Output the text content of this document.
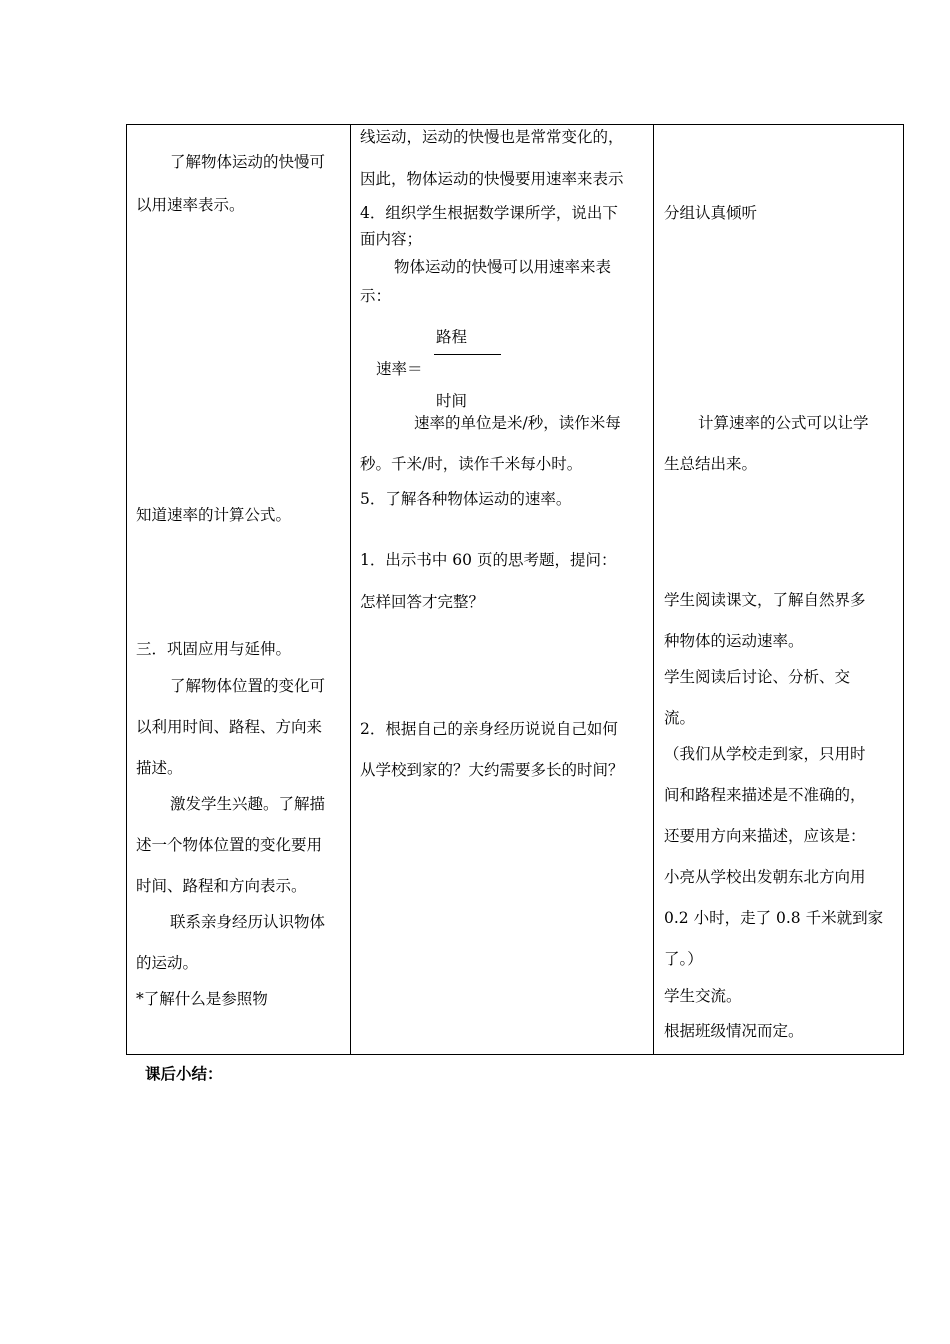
了解物体运动的快慢可
以用速率表示。
知道速率的计算公式。
三．巩固应用与延伸。
了解物体位置的变化可
以利用时间、路程、方向来
描述。
激发学生兴趣。了解描
述一个物体位置的变化要用
时间、路程和方向表示。
联系亲身经历认识物体
的运动。
*了解什么是参照物
线运动，运动的快慢也是常常变化的，
因此，物体运动的快慢要用速率来表示
4．组织学生根据数学课所学，说出下
面内容；
物体运动的快慢可以用速率来表
示：
路程
速率＝
时间
速率的单位是米/秒，读作米每
秒。千米/时，读作千米每小时。
5．了解各种物体运动的速率。
1．出示书中 60 页的思考题，提问：
怎样回答才完整？
2．根据自己的亲身经历说说自己如何
从学校到家的？大约需要多长的时间？
分组认真倾听
计算速率的公式可以让学
生总结出来。
学生阅读课文，了解自然界多
种物体的运动速率。
学生阅读后讨论、分析、交
流。
（我们从学校走到家，只用时
间和路程来描述是不准确的，
还要用方向来描述，应该是：
小亮从学校出发朝东北方向用
0.2 小时，走了 0.8 千米就到家
了。）
学生交流。
根据班级情况而定。
课后小结：
